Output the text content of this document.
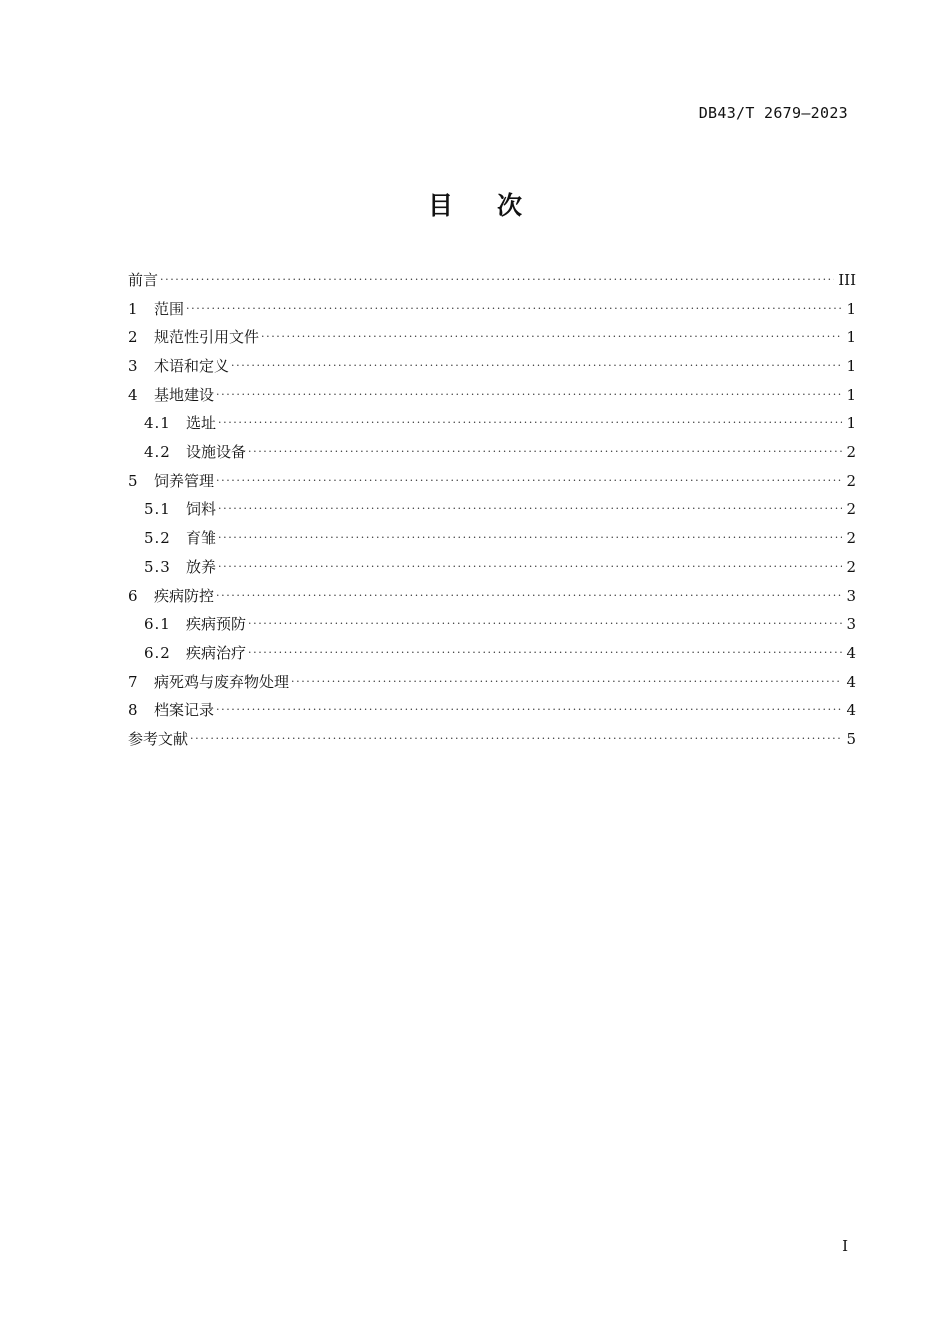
DB43/T 2679—2023
目 次
前言 ·····	III
1	范围 ·····	1
2	规范性引用文件 ·····	1
3	术语和定义 ·····	1
4	基地建设 ·····	1
4.1	选址 ·····	1
4.2	设施设备 ·····	2
5	饲养管理 ·····	2
5.1	饲料 ·····	2
5.2	育雏 ·····	2
5.3	放养 ·····	2
6	疾病防控 ·····	3
6.1	疾病预防 ·····	3
6.2	疾病治疗 ·····	4
7	病死鸡与废弃物处理 ·····	4
8	档案记录 ·····	4
参考文献 ·····	5
I
